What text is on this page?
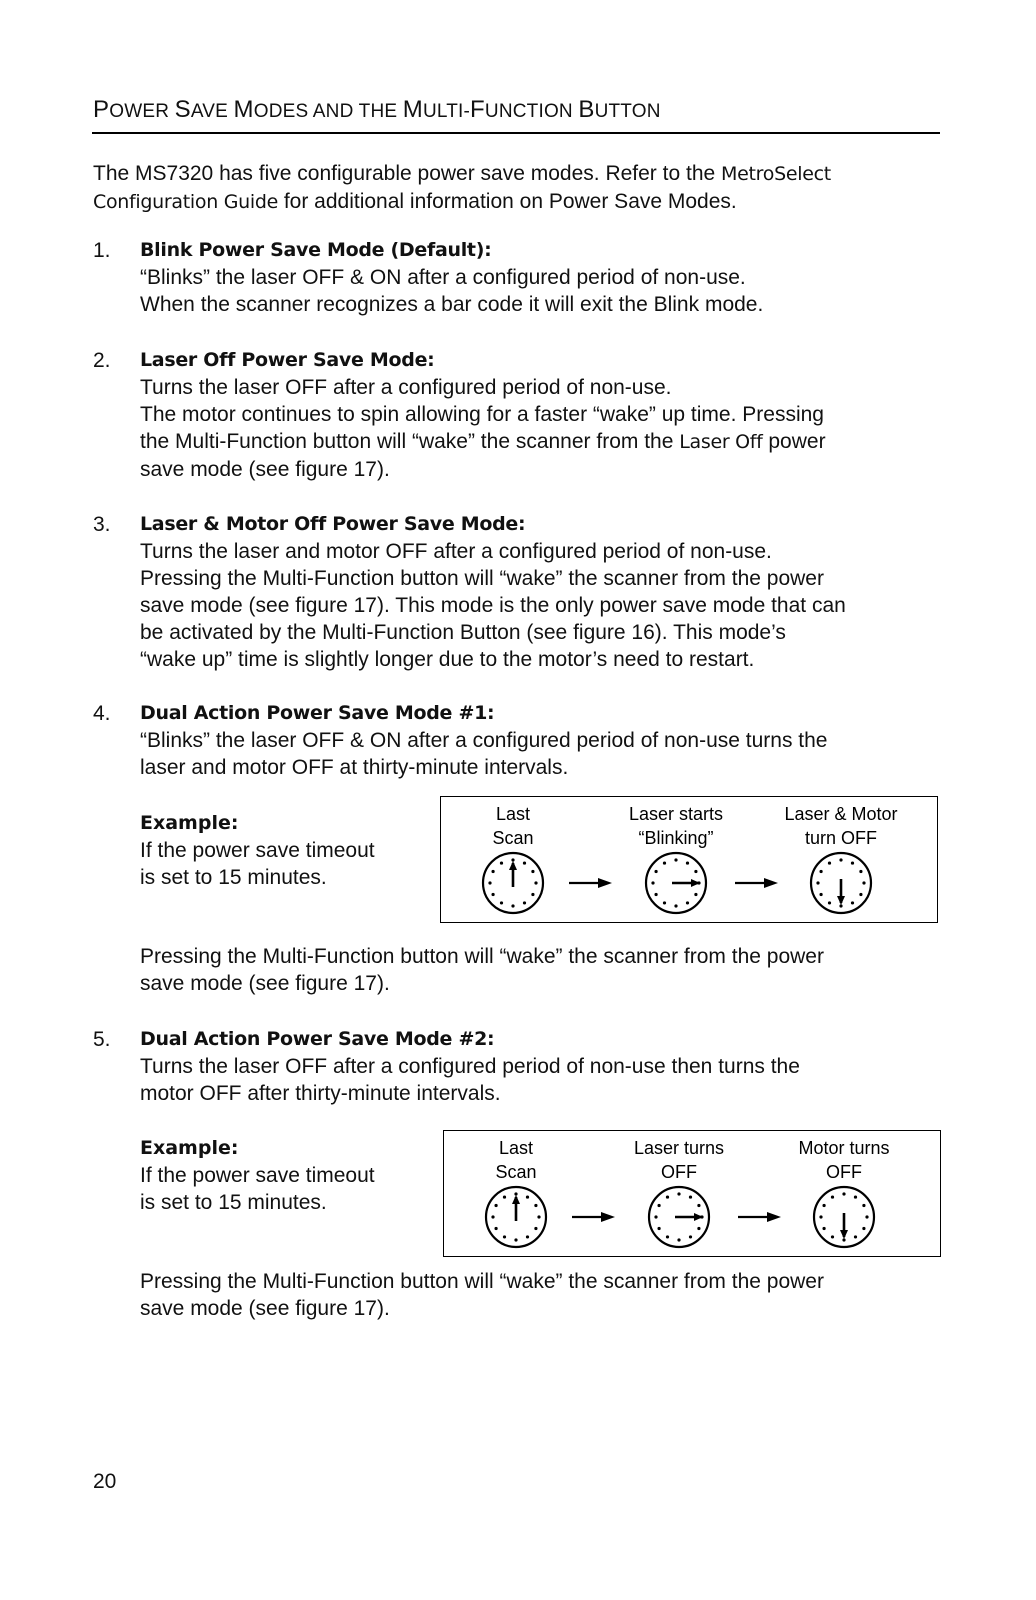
POWER SAVE MODES AND THE MULTI-FUNCTION BUTTON
The MS7320 has five configurable power save modes. Refer to the MetroSelect
Configuration Guide for additional information on Power Save Modes.
1. Blink Power Save Mode (Default):
“Blinks” the laser OFF & ON after a configured period of non-use.
When the scanner recognizes a bar code it will exit the Blink mode.
2. Laser Off Power Save Mode:
Turns the laser OFF after a configured period of non-use.
The motor continues to spin allowing for a faster “wake” up time. Pressing
the Multi-Function button will “wake” the scanner from the Laser Off power
save mode (see figure 17).
3. Laser & Motor Off Power Save Mode:
Turns the laser and motor OFF after a configured period of non-use.
Pressing the Multi-Function button will “wake” the scanner from the power
save mode (see figure 17). This mode is the only power save mode that can
be activated by the Multi-Function Button (see figure 16). This mode’s
“wake up” time is slightly longer due to the motor’s need to restart.
4. Dual Action Power Save Mode #1:
“Blinks” the laser OFF & ON after a configured period of non-use turns the
laser and motor OFF at thirty-minute intervals.
Example:
If the power save timeout
is set to 15 minutes.
Last
Scan
Laser starts
“Blinking”
Laser & Motor
turn OFF
Pressing the Multi-Function button will “wake” the scanner from the power
save mode (see figure 17).
5. Dual Action Power Save Mode #2:
Turns the laser OFF after a configured period of non-use then turns the
motor OFF after thirty-minute intervals.
Example:
If the power save timeout
is set to 15 minutes.
Last
Scan
Laser turns
OFF
Motor turns
OFF
Pressing the Multi-Function button will “wake” the scanner from the power
save mode (see figure 17).
20
